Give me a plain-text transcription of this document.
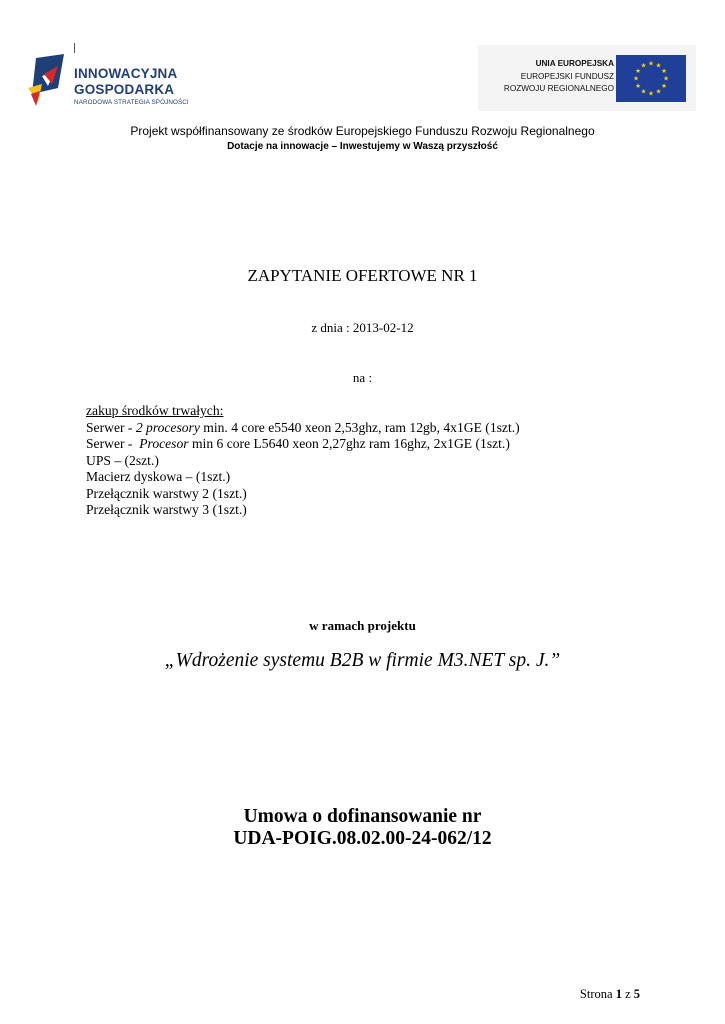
INNOWACYJNA
GOSPODARKA
NARODOWA STRATEGIA SPÓJNOŚCI
UNIA EUROPEJSKA
EUROPEJSKI FUNDUSZ
ROZWOJU REGIONALNEGO
★ ★
★
★
★
★
★
★
★
★
★
★
Projekt współfinansowany ze środków Europejskiego Funduszu Rozwoju Regionalnego
Dotacje na innowacje – Inwestujemy w Waszą przyszłość
ZAPYTANIE OFERTOWE NR 1
z dnia : 2013-02-12
na :
zakup środków trwałych:
Serwer - 2 procesory min. 4 core e5540 xeon 2,53ghz, ram 12gb, 4x1GE (1szt.)
Serwer -  Procesor min 6 core L5640 xeon 2,27ghz ram 16ghz, 2x1GE (1szt.)
UPS – (2szt.)
Macierz dyskowa – (1szt.)
Przełącznik warstwy 2 (1szt.)
Przełącznik warstwy 3 (1szt.)
w ramach projektu
„Wdrożenie systemu B2B w firmie M3.NET sp. J.”
Umowa o dofinansowanie nr
UDA-POIG.08.02.00-24-062/12
Strona 1 z 5
